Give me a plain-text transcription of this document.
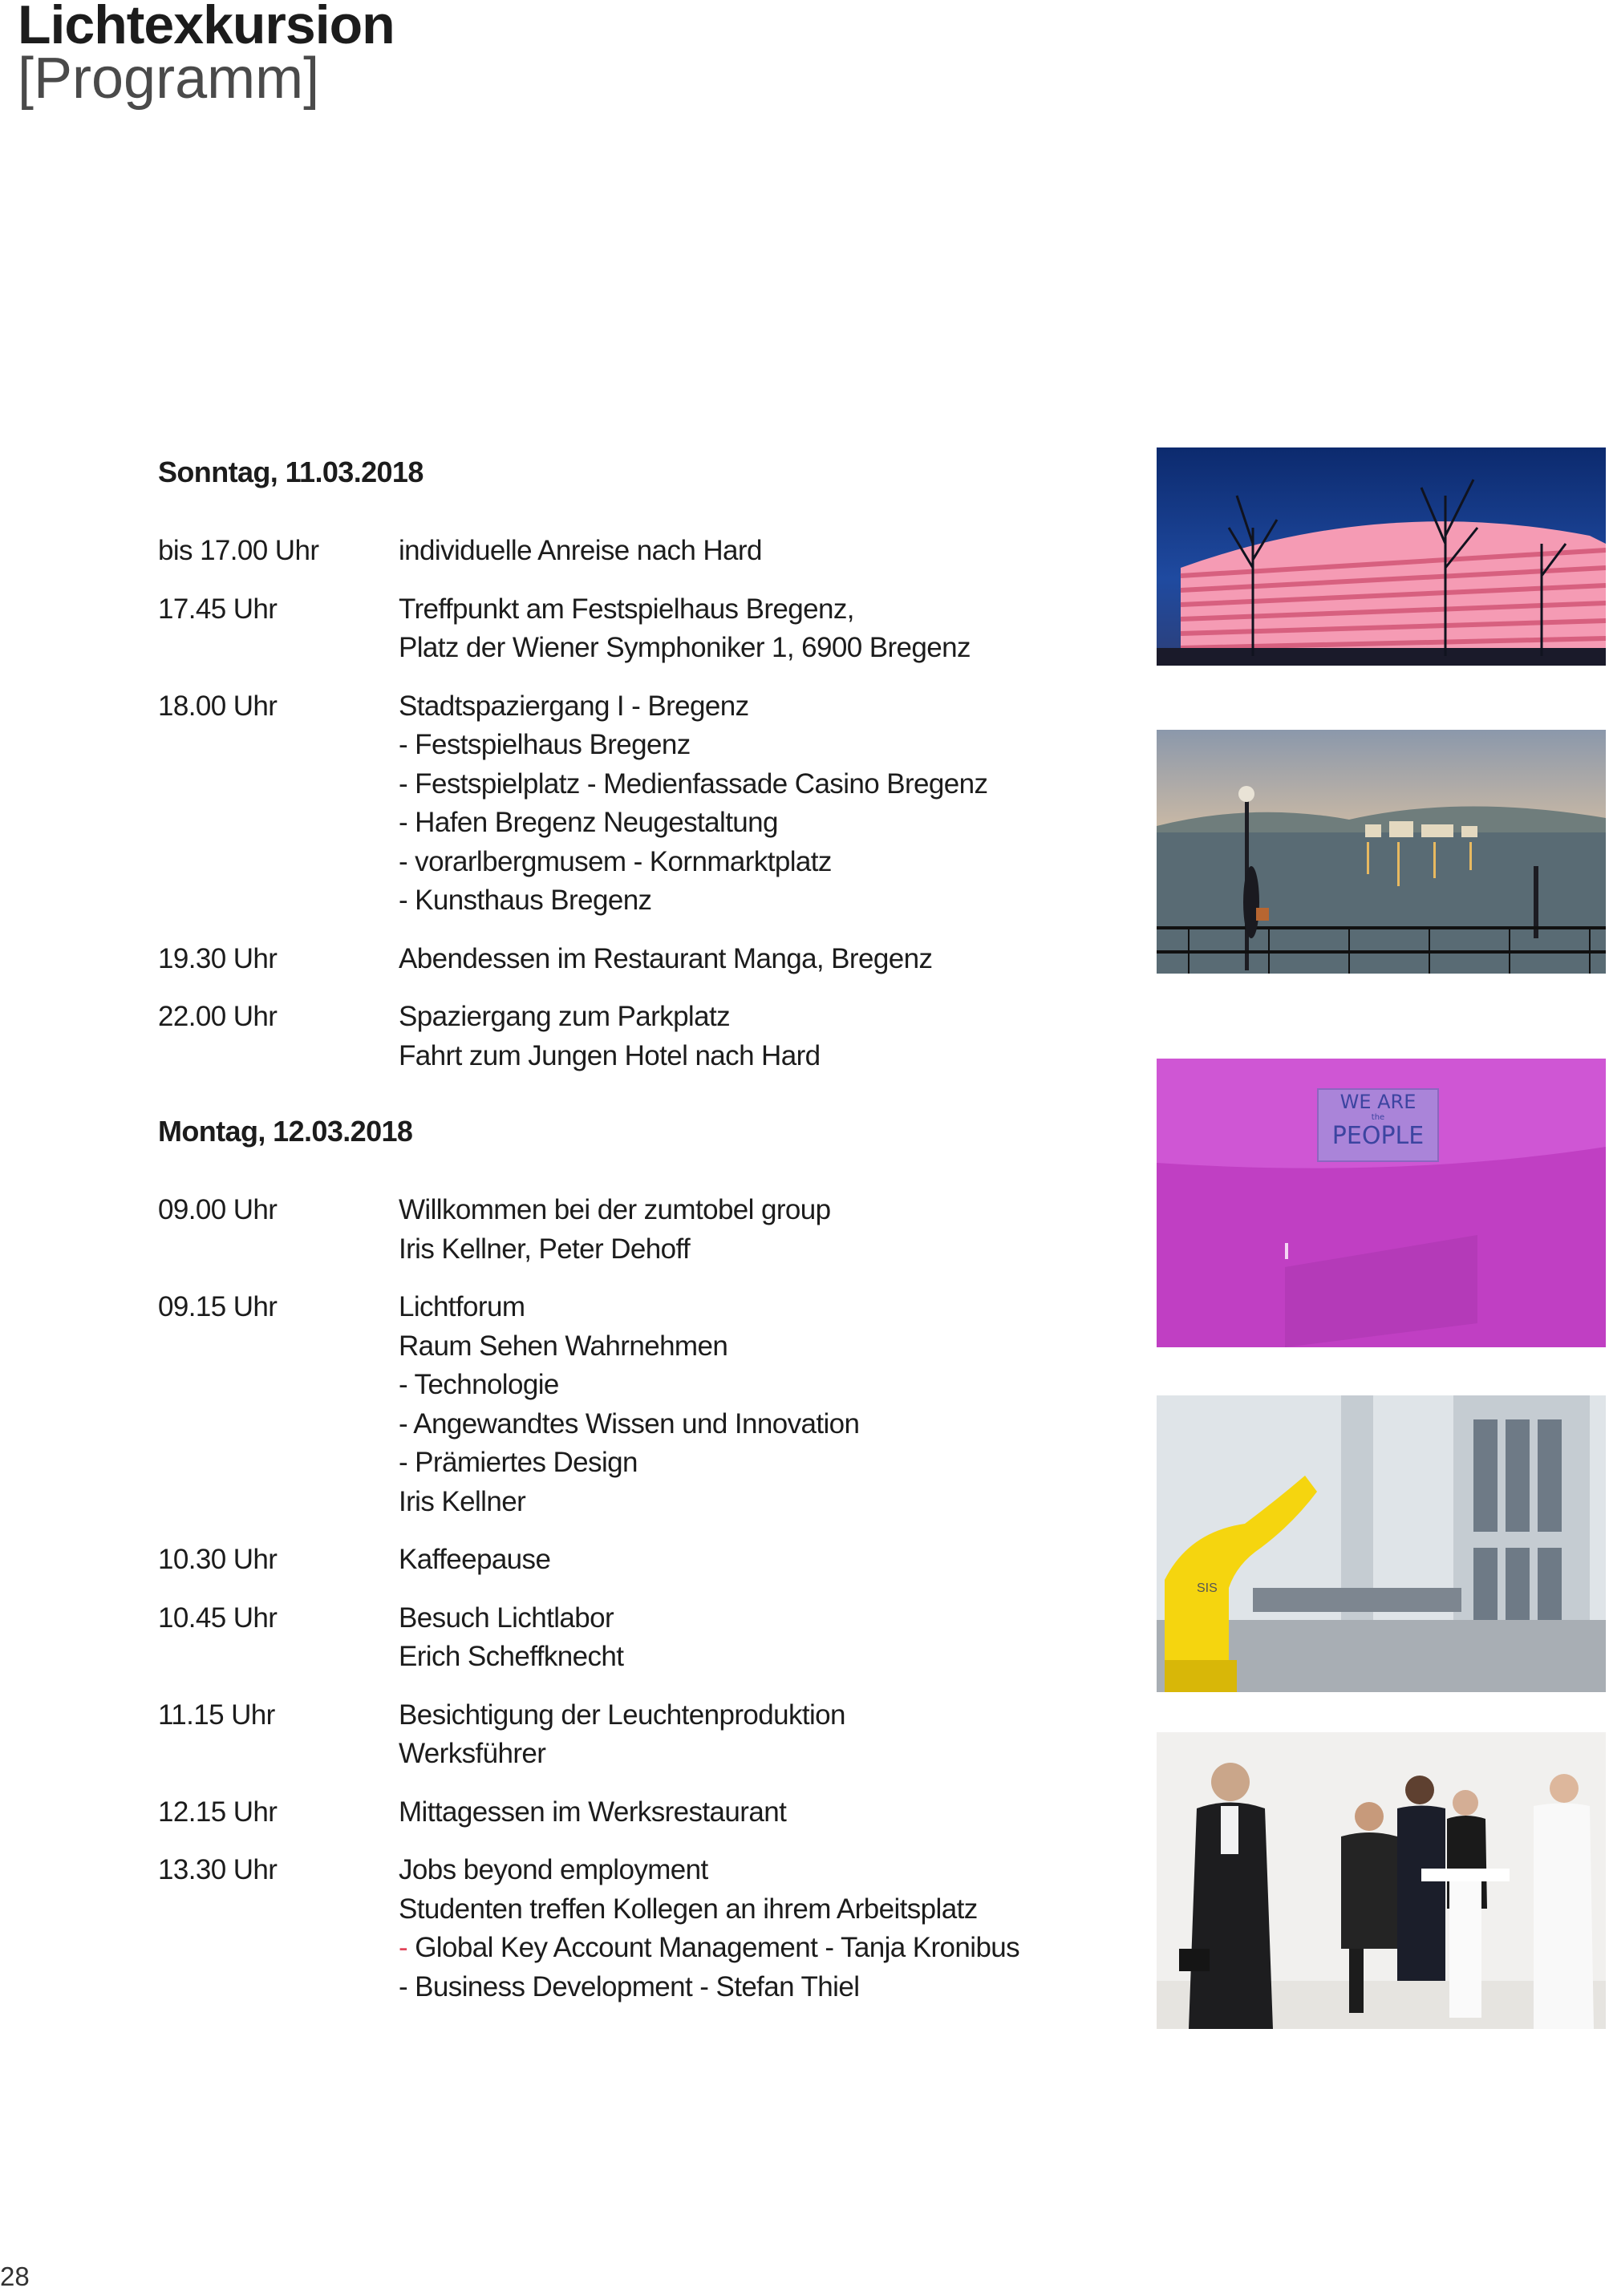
Lichtexkursion
[Programm]
Sonntag, 11.03.2018
bis 17.00 Uhr	individuelle Anreise nach Hard
17.45 Uhr	Treffpunkt am Festspielhaus Bregenz,
Platz der Wiener Symphoniker 1, 6900 Bregenz
18.00 Uhr	Stadtspaziergang I - Bregenz
- Festspielhaus Bregenz
- Festspielplatz - Medienfassade Casino Bregenz
- Hafen Bregenz Neugestaltung
- vorarlbergmusem - Kornmarktplatz
- Kunsthaus Bregenz
19.30 Uhr	Abendessen im Restaurant Manga, Bregenz
22.00 Uhr	Spaziergang zum Parkplatz
Fahrt zum Jungen Hotel nach Hard
Montag, 12.03.2018
09.00 Uhr	Willkommen bei der zumtobel group
Iris Kellner, Peter Dehoff
09.15 Uhr	Lichtforum
Raum Sehen Wahrnehmen
- Technologie
- Angewandtes Wissen und Innovation
- Prämiertes Design
Iris Kellner
10.30 Uhr	Kaffeepause
10.45 Uhr	Besuch Lichtlabor
Erich Scheffknecht
11.15 Uhr	Besichtigung der Leuchtenproduktion
Werksführer
12.15 Uhr	Mittagessen im Werksrestaurant
13.30 Uhr	Jobs beyond employment
Studenten treffen Kollegen an ihrem Arbeitsplatz
- Global Key Account Management - Tanja Kronibus
- Business Development - Stefan Thiel
WE ARE
the
PEOPLE
SIS
28
